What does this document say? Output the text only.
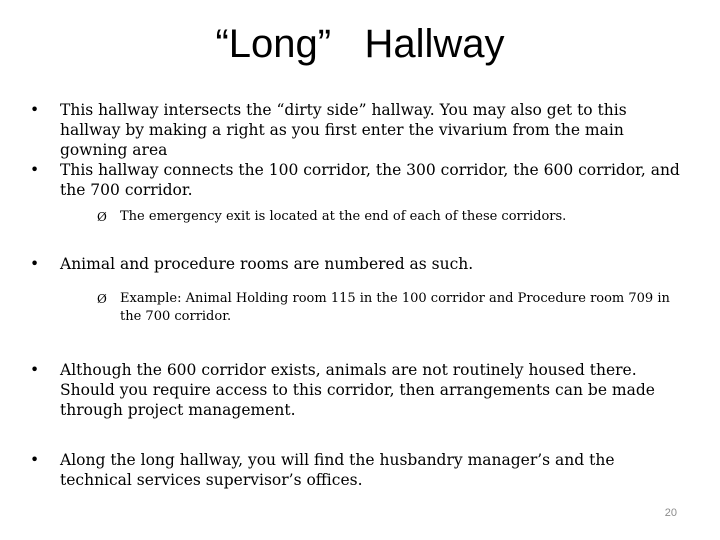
“Long”   Hallway
•	This hallway intersects the “dirty side” hallway. You may also get to this hallway by making a right as you first enter the vivarium from the main gowning area
•	This hallway connects the 100 corridor, the 300 corridor, the 600 corridor, and the 700 corridor.
Ø The emergency exit is located at the end of each of these corridors.
•	Animal and procedure rooms are numbered as such.
Ø Example: Animal Holding room 115 in the 100 corridor and Procedure room 709 in the 700 corridor.
•	Although the 600 corridor exists, animals are not routinely housed there. Should you require access to this corridor, then arrangements can be made through project management.
•	Along the long hallway, you will find the husbandry manager’s and the technical services supervisor’s offices.
20
